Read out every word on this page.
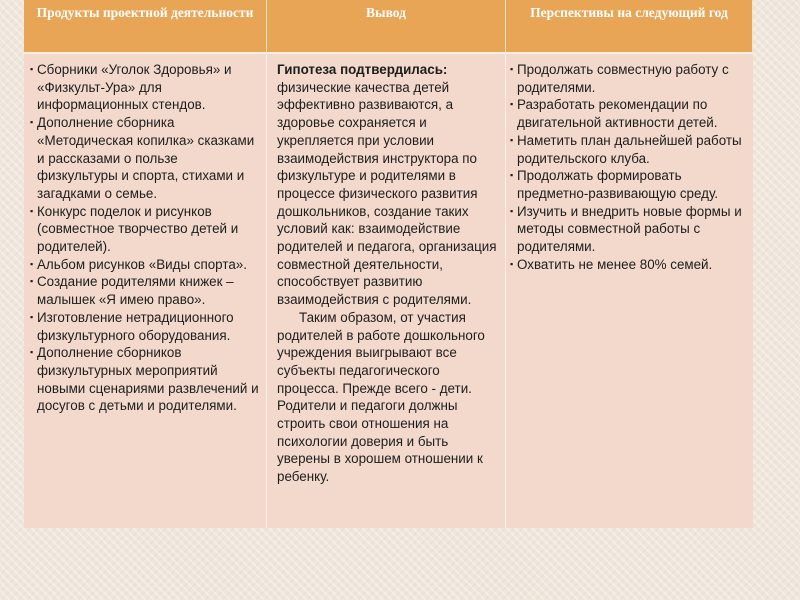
Продукты проектной деятельности	Вывод	Перспективы на следующий год
▪ Сборники «Уголок Здоровья» и «Физкульт-Ура» для информационных стендов.
▪ Дополнение сборника «Методическая копилка» сказками и рассказами о пользе физкультуры и спорта, стихами и загадками о семье.
▪ Конкурс поделок и рисунков (совместное творчество детей и родителей).
▪ Альбом рисунков «Виды спорта».
▪ Создание родителями книжек – малышек «Я имею право».
▪ Изготовление нетрадиционного физкультурного оборудования.
▪ Дополнение сборников физкультурных мероприятий новыми сценариями развлечений и досугов с детьми и родителями.
Гипотеза подтвердилась: физические качества детей эффективно развиваются, а здоровье сохраняется и укрепляется при условии взаимодействия инструктора по физкультуре и родителями в процессе физического развития дошкольников, создание таких условий как: взаимодействие родителей и педагога, организация совместной деятельности, способствует развитию взаимодействия с родителями.
Таким образом, от участия родителей в работе дошкольного учреждения выигрывают все субъекты педагогического процесса. Прежде всего - дети. Родители и педагоги должны строить свои отношения на психологии доверия и быть уверены в хорошем отношении к ребенку.
▪ Продолжать совместную работу с родителями.
▪ Разработать рекомендации по двигательной активности детей.
▪ Наметить план дальнейшей работы родительского клуба.
▪ Продолжать формировать предметно-развивающую среду.
▪ Изучить и внедрить новые формы и методы совместной работы с родителями.
▪ Охватить не менее 80% семей.
